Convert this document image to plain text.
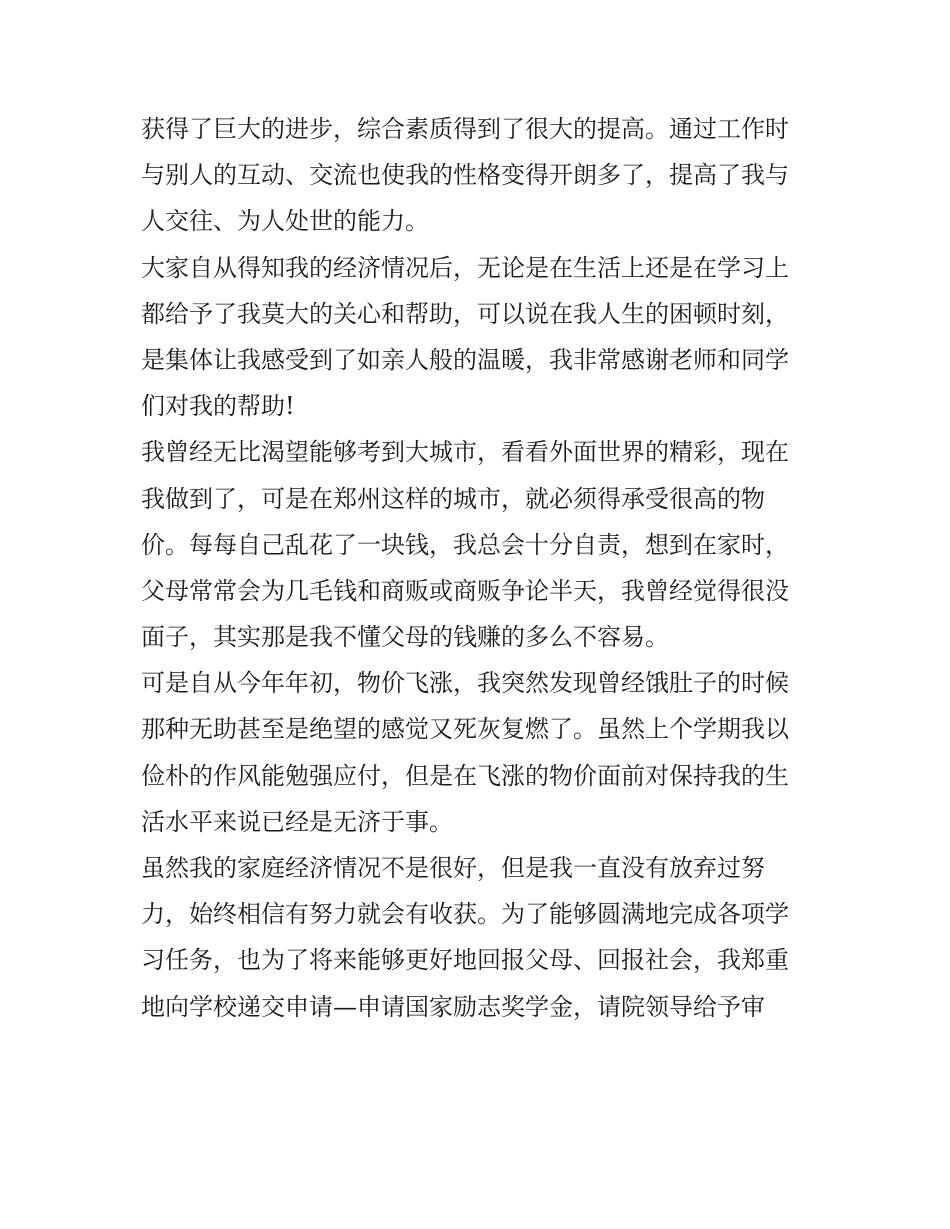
获得了巨大的进步，综合素质得到了很大的提高。通过工作时
与别人的互动、交流也使我的性格变得开朗多了，提高了我与
人交往、为人处世的能力。
大家自从得知我的经济情况后，无论是在生活上还是在学习上
都给予了我莫大的关心和帮助，可以说在我人生的困顿时刻，
是集体让我感受到了如亲人般的温暖，我非常感谢老师和同学
们对我的帮助!
我曾经无比渴望能够考到大城市，看看外面世界的精彩，现在
我做到了，可是在郑州这样的城市，就必须得承受很高的物
价。每每自己乱花了一块钱，我总会十分自责，想到在家时，
父母常常会为几毛钱和商贩或商贩争论半天，我曾经觉得很没
面子，其实那是我不懂父母的钱赚的多么不容易。
可是自从今年年初，物价飞涨，我突然发现曾经饿肚子的时候
那种无助甚至是绝望的感觉又死灰复燃了。虽然上个学期我以
俭朴的作风能勉强应付，但是在飞涨的物价面前对保持我的生
活水平来说已经是无济于事。
虽然我的家庭经济情况不是很好，但是我一直没有放弃过努
力，始终相信有努力就会有收获。为了能够圆满地完成各项学
习任务，也为了将来能够更好地回报父母、回报社会，我郑重
地向学校递交申请—申请国家励志奖学金，请院领导给予审
